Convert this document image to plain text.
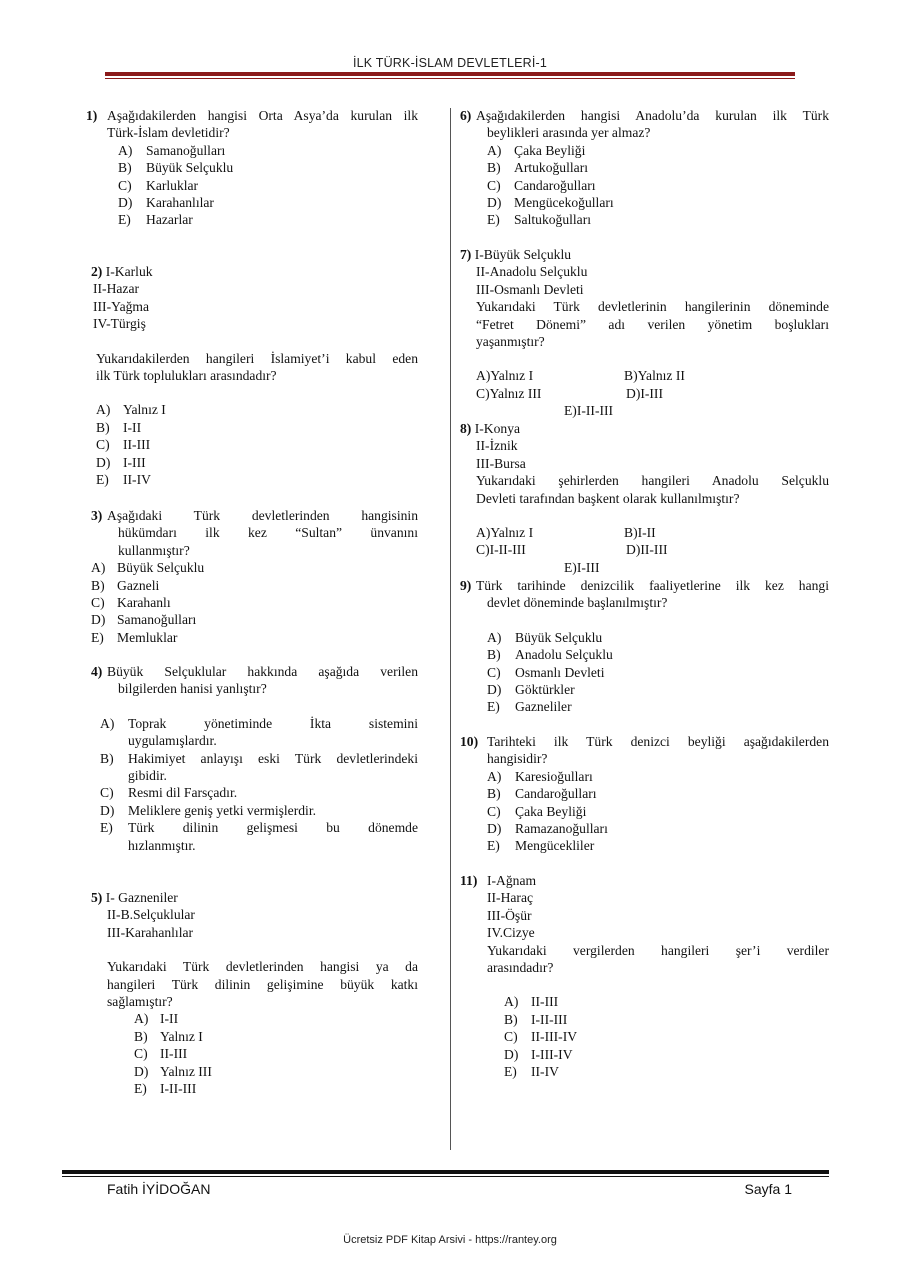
İLK TÜRK-İSLAM DEVLETLERİ-1
1) Aşağıdakilerden hangisi Orta Asya’da kurulan ilk

Türk-İslam devletidir?

A)	Samanoğulları
B)	Büyük Selçuklu
C)	Karluklar
D)	Karahanlılar
E)	Hazarlar

2) I-Karluk

II-Hazar

III-Yağma

IV-Türgiş

Yukarıdakilerden hangileri İslamiyet’i kabul eden

ilk Türk toplulukları arasındadır?

A) Yalnız I
B) I-II
C) II-III
D) I-III
E)	II-IV
3) Aşağıdaki Türk devletlerinden hangisinin

hükümdarı ilk kez “Sultan” ünvanını

kullanmıştır?

A) Büyük Selçuklu
B) Gazneli
C) Karahanlı
D) Samanoğulları
E) Memluklar
4) Büyük Selçuklular hakkında aşağıda verilen

bilgilerden hanisi yanlıştır?

A)	Toprak yönetiminde İkta sistemini

uygulamışlardır.

B)	Hakimiyet anlayışı eski Türk devletlerindeki

gibidir.

C)	Resmi dil Farsçadır.

D)	Meliklere geniş yetki vermişlerdir.

E)	Türk dilinin gelişmesi bu dönemde

hızlanmıştır.

5) I- Gazneniler

II-B.Selçuklular

III-Karahanlılar

Yukarıdaki Türk devletlerinden hangisi ya da

hangileri Türk dilinin gelişimine büyük katkı

sağlamıştır?

A) I-II
B) Yalnız I
C) II-III
D) Yalnız III
E) I-II-III
6) Aşağıdakilerden hangisi Anadolu’da kurulan ilk Türk

beylikleri arasında yer almaz?

A) Çaka Beyliği
B) Artukoğulları
C) Candaroğulları
D) Mengücekoğulları
E)	Saltukoğulları

7) I-Büyük Selçuklu

II-Anadolu Selçuklu

III-Osmanlı Devleti

Yukarıdaki Türk devletlerinin hangilerinin döneminde

“Fetret Dönemi” adı verilen yönetim boşlukları

yaşanmıştır?

A)Yalnız I	B)Yalnız II
C)Yalnız III	D)I-III

E)I-II-III

8) I-Konya

II-İznik

III-Bursa

Yukarıdaki şehirlerden hangileri Anadolu Selçuklu

Devleti tarafından başkent olarak kullanılmıştır?

A)Yalnız I	B)I-II
C)I-II-III	D)II-III

E)I-III

9) Türk tarihinde denizcilik faaliyetlerine ilk kez hangi

devlet döneminde başlanılmıştır?

A)	Büyük Selçuklu
B)	Anadolu Selçuklu
C)	Osmanlı Devleti
D)	Göktürkler
E)	Gazneliler
10) Tarihteki ilk Türk denizci beyliği aşağıdakilerden

hangisidir?

A)	Karesioğulları
B)	Candaroğulları
C)	Çaka Beyliği
D)	Ramazanoğulları
E)	Mengücekliler

11) I-Ağnam

II-Haraç

III-Öşür

IV.Cizye

Yukarıdaki vergilerden hangileri şer’i verdiler

arasındadır?

A) II-III
B) I-II-III
C) II-III-IV
D) I-III-IV
E)	II-IV
Fatih İYİDOĞAN	Sayfa 1
Ücretsiz PDF Kitap Arsivi - https://rantey.org
